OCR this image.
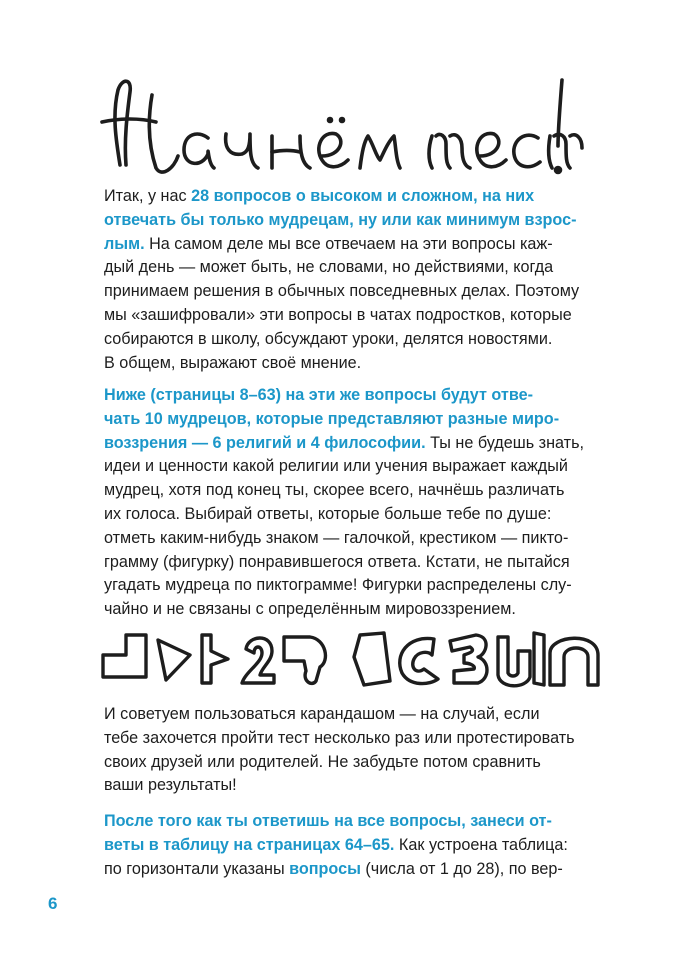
Начнём тест!

Итак, у нас 28 вопросов о высоком и сложном, на них
отвечать бы только мудрецам, ну или как минимум взрос-
лым. На самом деле мы все отвечаем на эти вопросы каж-
дый день — может быть, не словами, но действиями, когда
принимаем решения в обычных повседневных делах. Поэтому
мы «зашифровали» эти вопросы в чатах подростков, которые
собираются в школу, обсуждают уроки, делятся новостями.
В общем, выражают своё мнение.

Ниже (страницы 8–63) на эти же вопросы будут отве-
чать 10 мудрецов, которые представляют разные миро-
воззрения — 6 религий и 4 философии. Ты не будешь знать,
идеи и ценности какой религии или учения выражает каждый
мудрец, хотя под конец ты, скорее всего, начнёшь различать
их голоса. Выбирай ответы, которые больше тебе по душе:
отметь каким-нибудь знаком — галочкой, крестиком — пикто-
грамму (фигурку) понравившегося ответа. Кстати, не пытайся
угадать мудреца по пиктограмме! Фигурки распределены слу-
чайно и не связаны с определённым мировоззрением.

И советуем пользоваться карандашом — на случай, если
тебе захочется пройти тест несколько раз или протестировать
своих друзей или родителей. Не забудьте потом сравнить
ваши результаты!

После того как ты ответишь на все вопросы, занеси от-
веты в таблицу на страницах 64–65. Как устроена таблица:
по горизонтали указаны вопросы (числа от 1 до 28), по вер-

6
